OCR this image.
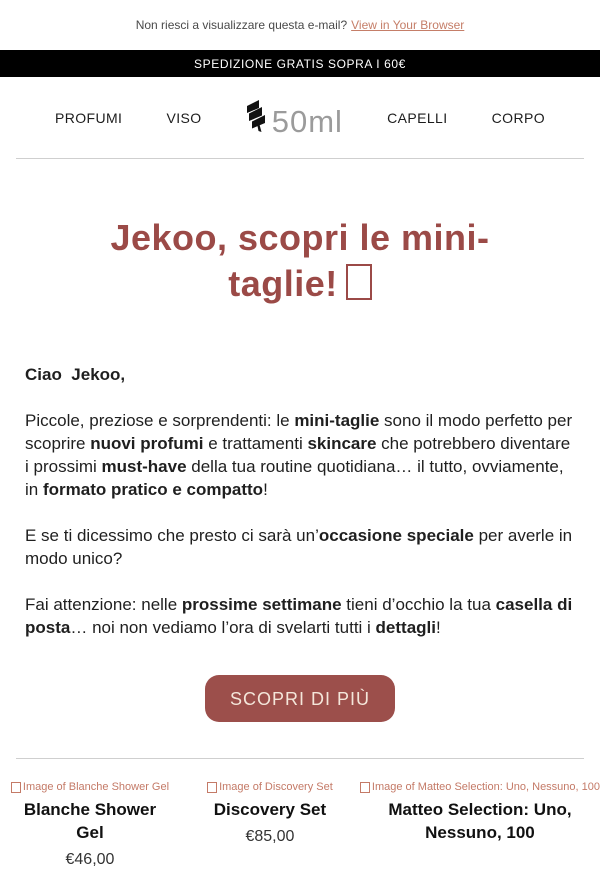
Non riesci a visualizzare questa e-mail? View in Your Browser
SPEDIZIONE GRATIS SOPRA I 60€
PROFUMI	VISO 50ml	CAPELLI	CORPO
Jekoo, scopri le mini-
taglie!

Ciao  Jekoo,

Piccole, preziose e sorprendenti: le mini-taglie sono il modo perfetto per scoprire nuovi profumi e trattamenti skincare che potrebbero diventare i prossimi must-have della tua routine quotidiana… il tutto, ovviamente, in formato pratico e compatto!

E se ti dicessimo che presto ci sarà un’occasione speciale per averle in modo unico?

Fai attenzione: nelle prossime settimane tieni d’occhio la tua casella di posta… noi non vediamo l’ora di svelarti tutti i dettagli!

SCOPRI DI PIÙ
Image of Blanche Shower Gel
Blanche Shower Gel
€46,00
Image of Discovery Set
Discovery Set
€85,00
Image of Matteo Selection: Uno, Nessuno, 100
Matteo Selection: Uno, Nessuno, 100
